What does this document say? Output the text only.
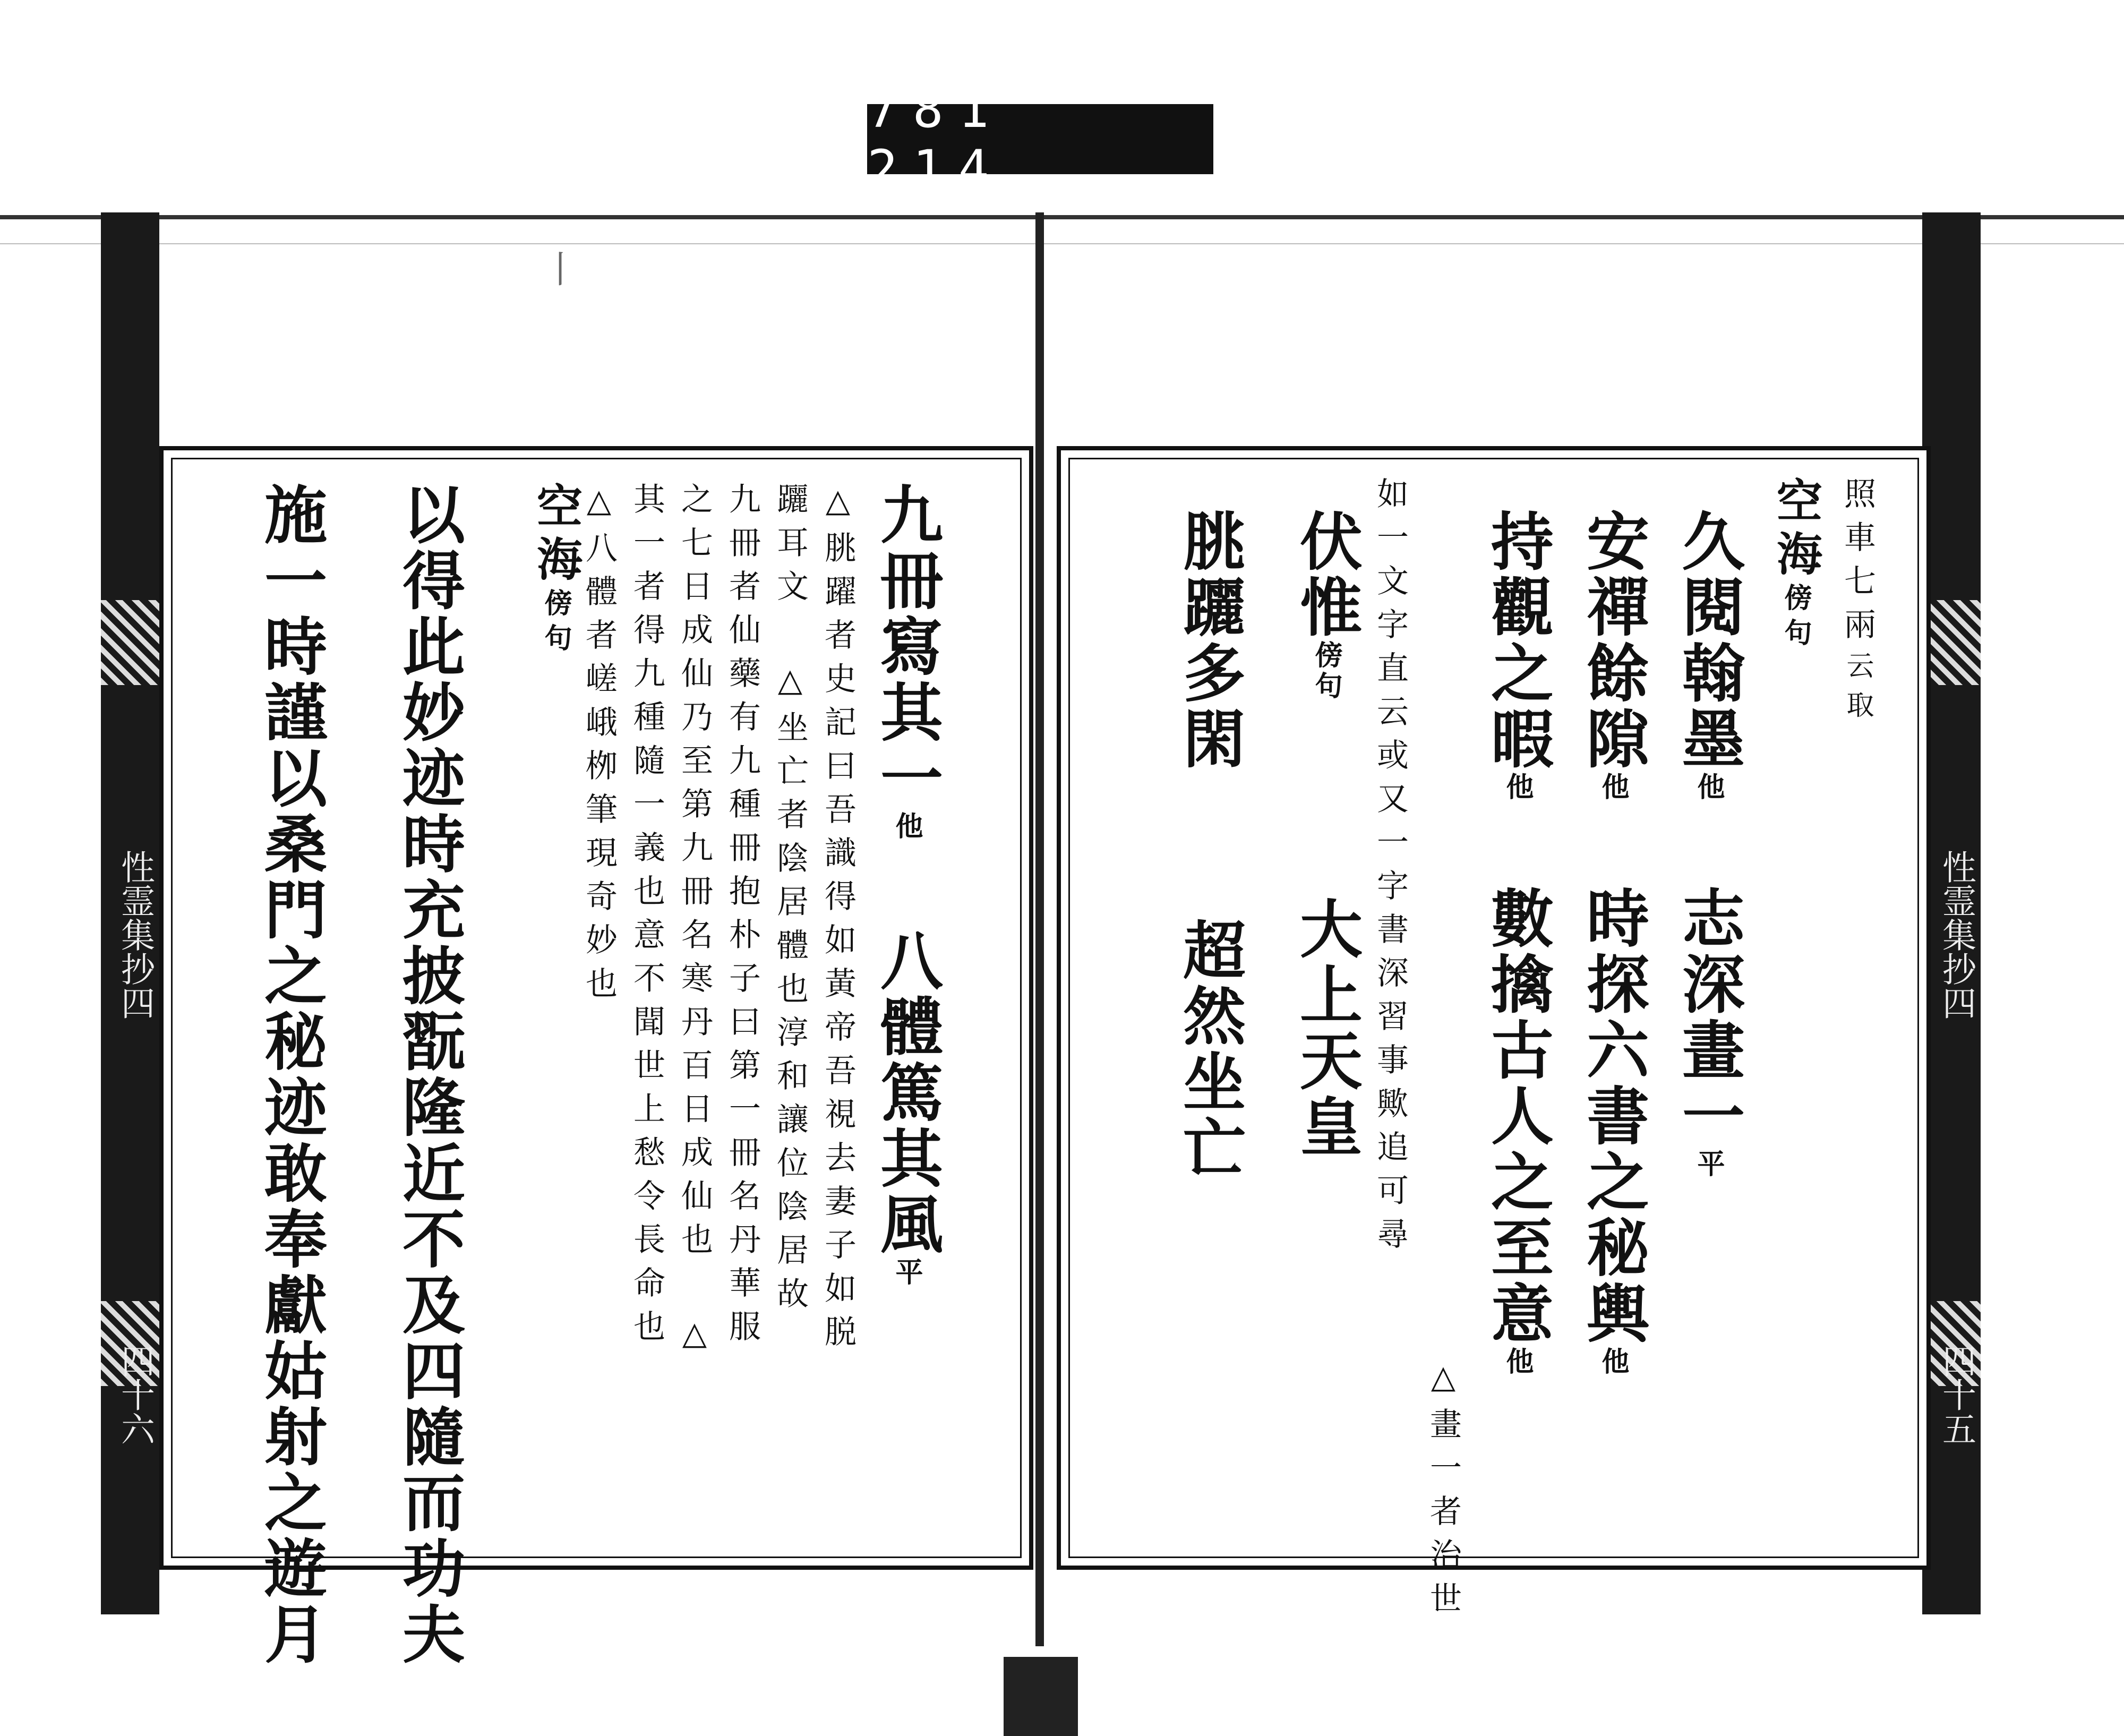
781 214.
丨
性霊集抄四
四十六
性霊集抄四
四十五
九冊寫其一他
八體篤其風平
△朓躍者史記曰吾識得如黃帝吾視去妻子如脱
躧耳文 △坐亡者陰居體也淳和讓位陰居故
九冊者仙藥有九種冊抱朴子曰第一冊名丹華服
之七日成仙乃至第九冊名寒丹百日成仙也 △
其一者得九種隨一義也意不聞世上愁令長命也
△八體者嵯峨栁筆現奇妙也
空海傍句
以得此妙迹時充披翫隆近不及四隨而功夫
施一時謹以桑門之秘迹敢奉獻姑射之遊月	照車七兩云取
空海傍句
久閱翰墨他
志深畫一平
安禪餘隙他
時探六書之秘輿他
持觀之暇他
數擒古人之至意他
△畫一者治世
如一文字直云或又一字書深習事歟追可尋
伏惟傍句
大上天皇
朓躧多閑
超然坐亡
